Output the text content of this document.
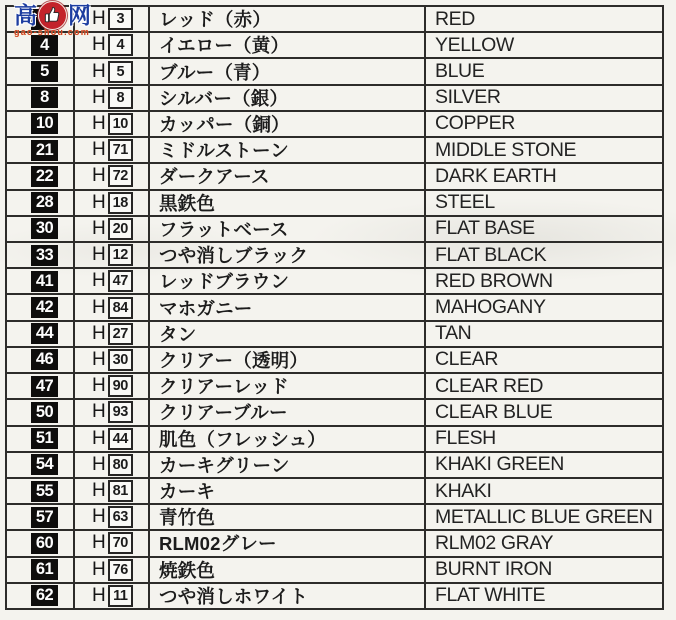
H 3	レッド（赤）	RED
4	H 4	イエロー（黄）	YELLOW
5	H 5	ブルー（青）	BLUE
8	H 8	シルバー（銀）	SILVER
10 H 10 カッパー（銅）	COPPER
21 H 71 ミドルストーン	MIDDLE STONE
22 H 72 ダークアース	DARK EARTH
28 H 18 黒鉄色	STEEL
30 H 20 フラットベース	FLAT BASE
33 H 12 つや消しブラック	FLAT BLACK
41 H 47 レッドブラウン	RED BROWN
42 H 84 マホガニー	MAHOGANY
44 H 27 タン	TAN
46 H 30 クリアー（透明）	CLEAR
47 H 90 クリアーレッド	CLEAR RED
50 H 93 クリアーブルー	CLEAR BLUE
51 H 44 肌色（フレッシュ）	FLESH
54 H 80 カーキグリーン	KHAKI GREEN
55 H 81 カーキ	KHAKI
57 H 63 青竹色	METALLIC BLUE GREEN
60 H 70 RLM02グレー	RLM02 GRAY
61 H 76 焼鉄色	BURNT IRON
62 H 11 つや消しホワイト	FLAT WHITE
高 网
gao-shou.com
